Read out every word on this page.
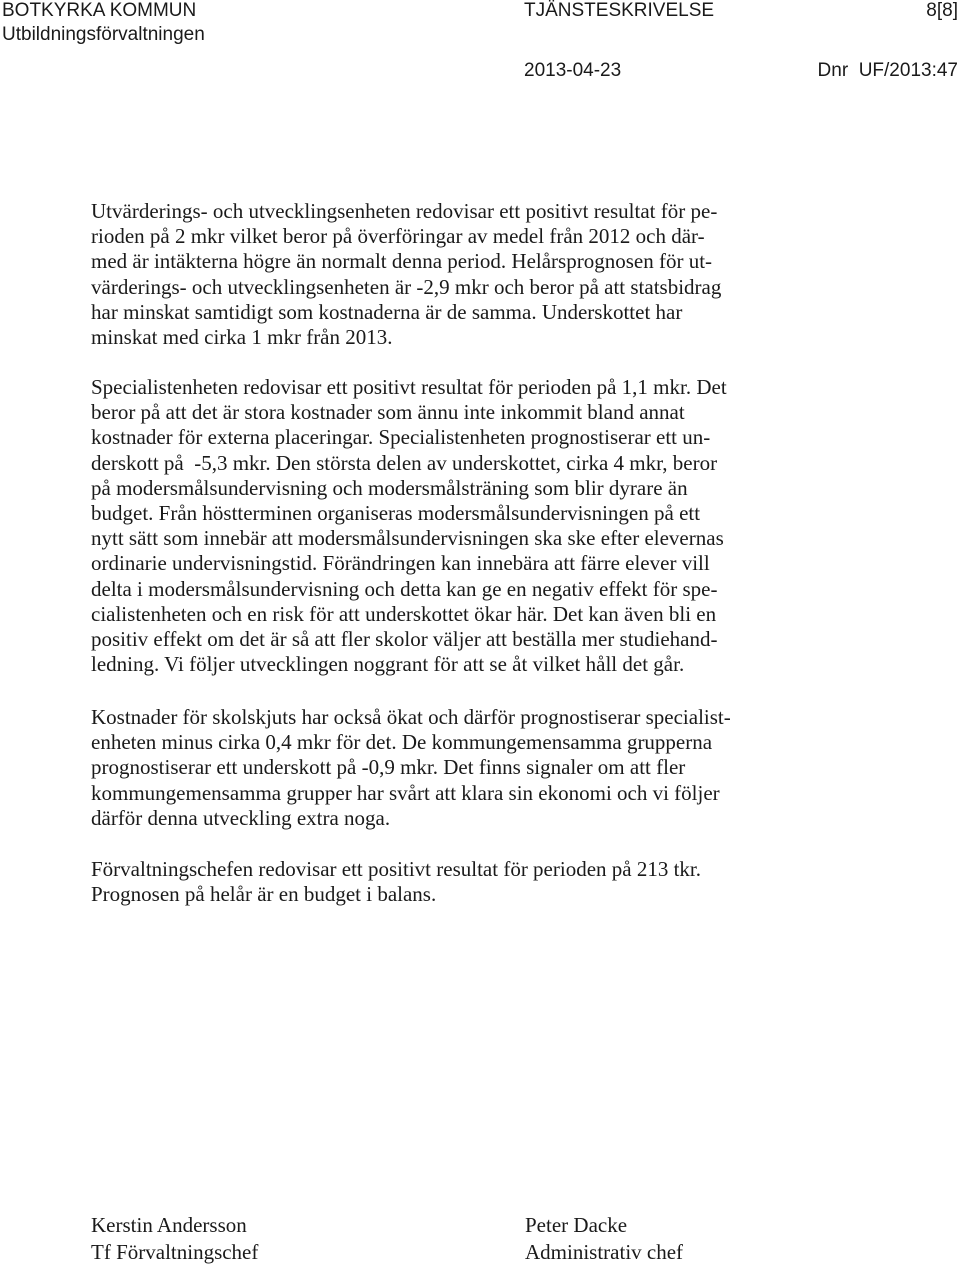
BOTKYRKA KOMMUN
Utbildningsförvaltningen
TJÄNSTESKRIVELSE	8[8]
2013-04-23	Dnr  UF/2013:47
Utvärderings- och utvecklingsenheten redovisar ett positivt resultat för pe-
rioden på 2 mkr vilket beror på överföringar av medel från 2012 och där-
med är intäkterna högre än normalt denna period. Helårsprognosen för ut-
värderings- och utvecklingsenheten är -2,9 mkr och beror på att statsbidrag
har minskat samtidigt som kostnaderna är de samma. Underskottet har
minskat med cirka 1 mkr från 2013.
Specialistenheten redovisar ett positivt resultat för perioden på 1,1 mkr. Det
beror på att det är stora kostnader som ännu inte inkommit bland annat
kostnader för externa placeringar. Specialistenheten prognostiserar ett un-
derskott på  -5,3 mkr. Den största delen av underskottet, cirka 4 mkr, beror
på modersmålsundervisning och modersmålsträning som blir dyrare än
budget. Från höstterminen organiseras modersmålsundervisningen på ett
nytt sätt som innebär att modersmålsundervisningen ska ske efter elevernas
ordinarie undervisningstid. Förändringen kan innebära att färre elever vill
delta i modersmålsundervisning och detta kan ge en negativ effekt för spe-
cialistenheten och en risk för att underskottet ökar här. Det kan även bli en
positiv effekt om det är så att fler skolor väljer att beställa mer studiehand-
ledning. Vi följer utvecklingen noggrant för att se åt vilket håll det går.
Kostnader för skolskjuts har också ökat och därför prognostiserar specialist-
enheten minus cirka 0,4 mkr för det. De kommungemensamma grupperna
prognostiserar ett underskott på -0,9 mkr. Det finns signaler om att fler
kommungemensamma grupper har svårt att klara sin ekonomi och vi följer
därför denna utveckling extra noga.
Förvaltningschefen redovisar ett positivt resultat för perioden på 213 tkr.
Prognosen på helår är en budget i balans.
Kerstin Andersson
Tf Förvaltningschef
Peter Dacke
Administrativ chef
